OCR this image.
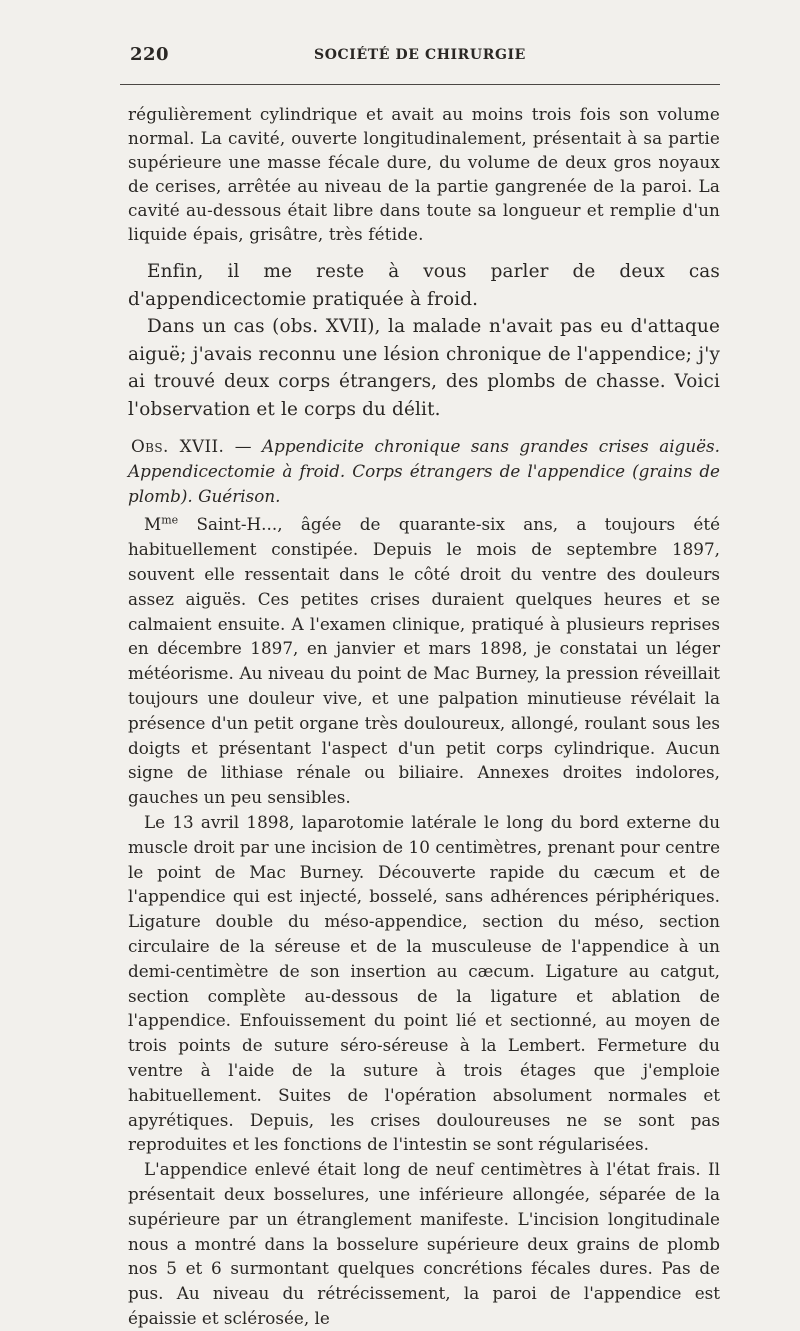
220	SOCIÉTÉ DE CHIRURGIE

régulièrement cylindrique et avait au moins trois fois son volume normal. La cavité, ouverte longitudinalement, présentait à sa partie supérieure une masse fécale dure, du volume de deux gros noyaux de cerises, arrêtée au niveau de la partie gangrenée de la paroi. La cavité au-dessous était libre dans toute sa longueur et remplie d'un liquide épais, grisâtre, très fétide.

Enfin, il me reste à vous parler de deux cas d'appendicectomie pratiquée à froid.

Dans un cas (obs. XVII), la malade n'avait pas eu d'attaque aiguë; j'avais reconnu une lésion chronique de l'appendice; j'y ai trouvé deux corps étrangers, des plombs de chasse. Voici l'observation et le corps du délit.

Obs. XVII. — Appendicite chronique sans grandes crises aiguës. Appendicectomie à froid. Corps étrangers de l'appendice (grains de plomb). Guérison.

$M^{me}$ Saint-H..., âgée de quarante-six ans, a toujours été habituellement constipée. Depuis le mois de septembre 1897, souvent elle ressentait dans le côté droit du ventre des douleurs assez aiguës. Ces petites crises duraient quelques heures et se calmaient ensuite. A l'examen clinique, pratiqué à plusieurs reprises en décembre 1897, en janvier et mars 1898, je constatai un léger météorisme. Au niveau du point de Mac Burney, la pression réveillait toujours une douleur vive, et une palpation minutieuse révélait la présence d'un petit organe très douloureux, allongé, roulant sous les doigts et présentant l'aspect d'un petit corps cylindrique. Aucun signe de lithiase rénale ou biliaire. Annexes droites indolores, gauches un peu sensibles.

Le 13 avril 1898, laparotomie latérale le long du bord externe du muscle droit par une incision de 10 centimètres, prenant pour centre le point de Mac Burney. Découverte rapide du cæcum et de l'appendice qui est injecté, bosselé, sans adhérences périphériques. Ligature double du méso-appendice, section du méso, section circulaire de la séreuse et de la musculeuse de l'appendice à un demi-centimètre de son insertion au cæcum. Ligature au catgut, section complète au-dessous de la ligature et ablation de l'appendice. Enfouissement du point lié et sectionné, au moyen de trois points de suture séro-séreuse à la Lembert. Fermeture du ventre à l'aide de la suture à trois étages que j'emploie habituellement. Suites de l'opération absolument normales et apyrétiques. Depuis, les crises douloureuses ne se sont pas reproduites et les fonctions de l'intestin se sont régularisées.

L'appendice enlevé était long de neuf centimètres à l'état frais. Il présentait deux bosselures, une inférieure allongée, séparée de la supérieure par un étranglement manifeste. L'incision longitudinale nous a montré dans la bosselure supérieure deux grains de plomb nos 5 et 6 surmontant quelques concrétions fécales dures. Pas de pus. Au niveau du rétrécissement, la paroi de l'appendice est épaissie et sclérosée, le
